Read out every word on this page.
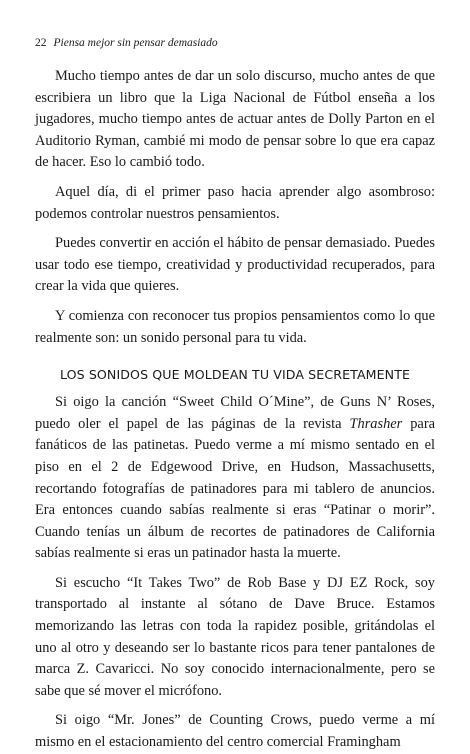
22 Piensa mejor sin pensar demasiado

Mucho tiempo antes de dar un solo discurso, mucho antes de que escribiera un libro que la Liga Nacional de Fútbol enseña a los jugadores, mucho tiempo antes de actuar antes de Dolly Parton en el Auditorio Ryman, cambié mi modo de pensar sobre lo que era capaz de hacer. Eso lo cambió todo.

Aquel día, di el primer paso hacia aprender algo asombroso: podemos controlar nuestros pensamientos.

Puedes convertir en acción el hábito de pensar demasiado. Puedes usar todo ese tiempo, creatividad y productividad recuperados, para crear la vida que quieres.

Y comienza con reconocer tus propios pensamientos como lo que realmente son: un sonido personal para tu vida.

LOS SONIDOS QUE MOLDEAN TU VIDA SECRETAMENTE

Si oigo la canción “Sweet Child O´Mine”, de Guns N’ Roses, puedo oler el papel de las páginas de la revista Thrasher para fanáticos de las patinetas. Puedo verme a mí mismo sentado en el piso en el 2 de Edgewood Drive, en Hudson, Massachusetts, recortando fotografías de patinadores para mi tablero de anuncios. Era entonces cuando sabías realmente si eras “Patinar o morir”. Cuando tenías un álbum de recortes de patinadores de California sabías realmente si eras un patinador hasta la muerte.

Si escucho “It Takes Two” de Rob Base y DJ EZ Rock, soy transportado al instante al sótano de Dave Bruce. Estamos memorizando las letras con toda la rapidez posible, gritándolas el uno al otro y deseando ser lo bastante ricos para tener pantalones de marca Z. Cavaricci. No soy conocido internacionalmente, pero se sabe que sé mover el micrófono.

Si oigo “Mr. Jones” de Counting Crows, puedo verme a mí mismo en el estacionamiento del centro comercial Framingham
